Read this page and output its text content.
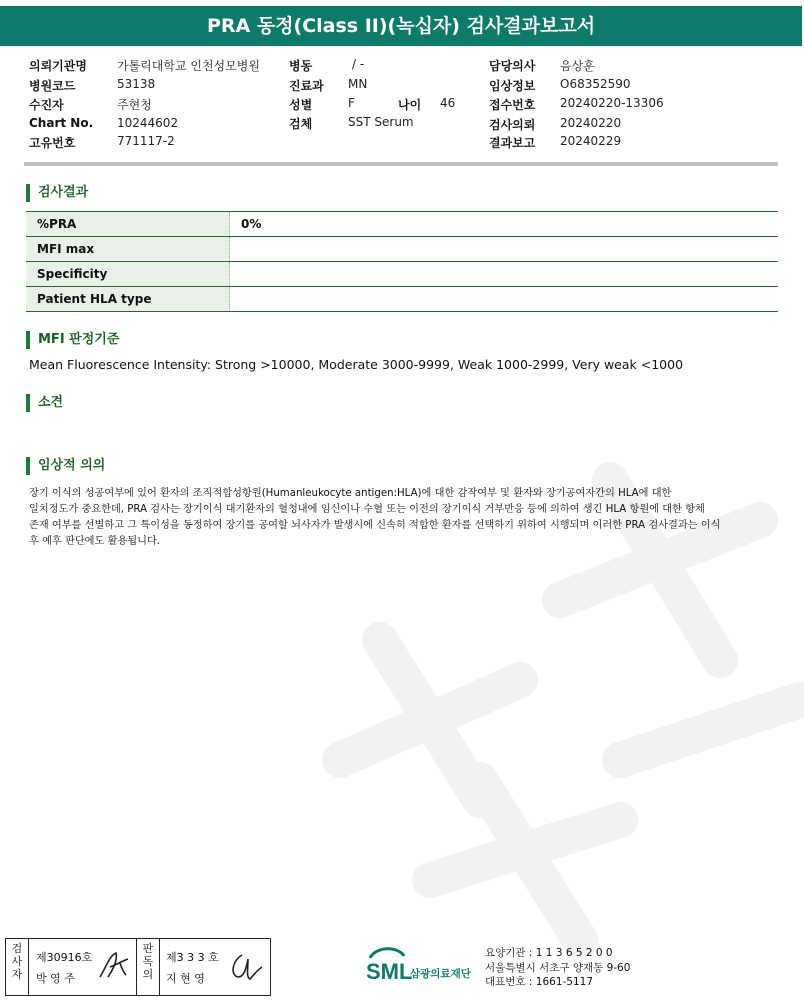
PRA 동정(Class II)(녹십자) 검사결과보고서
의뢰기관명	가톨릭대학교 인천성모병원
병원코드	53138
수진자	주현청
Chart No. 10244602
고유번호	771117-2
병동	/ -
진료과 MN
성별	F	나이 46
검체	SST Serum
담당의사 음상훈
임상정보 O68352590
접수번호 20240220-13306
검사의뢰 20240220
결과보고 20240229
검사결과
%PRA	0%
MFI max	
Specificity	
Patient HLA type	
MFI 판정기준
Mean Fluorescence Intensity: Strong >10000, Moderate 3000-9999, Weak 1000-2999, Very weak <1000
소견
임상적 의의
장기 이식의 성공여부에 있어 환자의 조직적합성항원(Humanleukocyte antigen:HLA)에 대한 감작여부 및 환자와 장기공여자간의 HLA에 대한
일치정도가 중요한데, PRA 검사는 장기이식 대기환자의 혈청내에 임신이나 수혈 또는 이전의 장기이식 거부반응 등에 의하여 생긴 HLA 항원에 대한 항체
존재 여부를 선별하고 그 특이성을 동정하여 장기를 공여할 뇌사자가 발생시에 신속히 적합한 환자를 선택하기 위하여 시행되며 이러한 PRA 검사결과는 이식
후 예후 판단에도 활용됩니다.
검
사
자
제30916호
박 영 주
판
독
의
제3 3 3 호
지 현 영	SML
삼광의료재단
요양기관 : 1 1 3 6 5 2 0 0
서울특별시 서초구 양재동 9-60
대표번호 : 1661-5117
